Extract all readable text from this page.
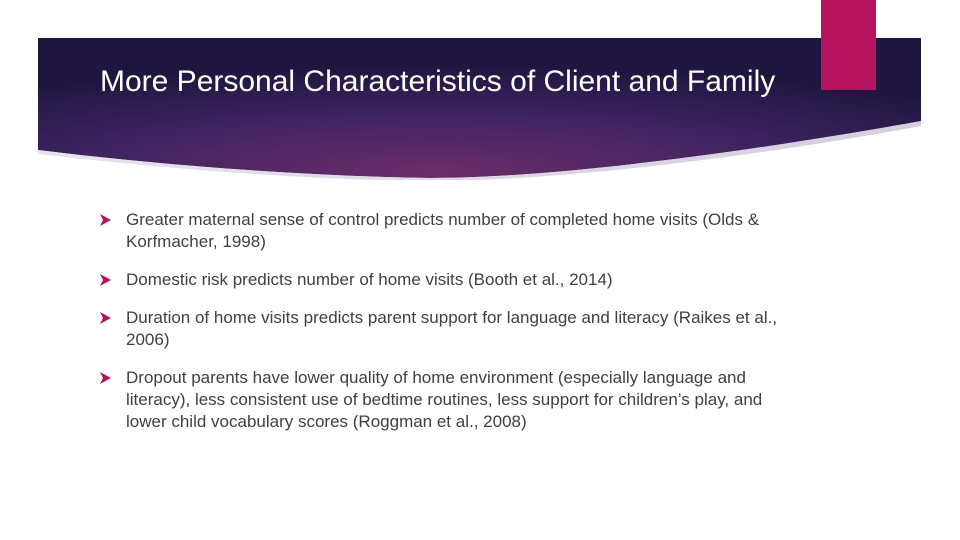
More Personal Characteristics of Client and Family
Greater maternal sense of control predicts number of completed home visits (Olds & Korfmacher, 1998)
Domestic risk predicts number of home visits (Booth et al., 2014)
Duration of home visits predicts parent support for language and literacy (Raikes et al., 2006)
Dropout parents have lower quality of home environment (especially language and literacy), less consistent use of bedtime routines, less support for children’s play, and lower child vocabulary scores (Roggman et al., 2008)
